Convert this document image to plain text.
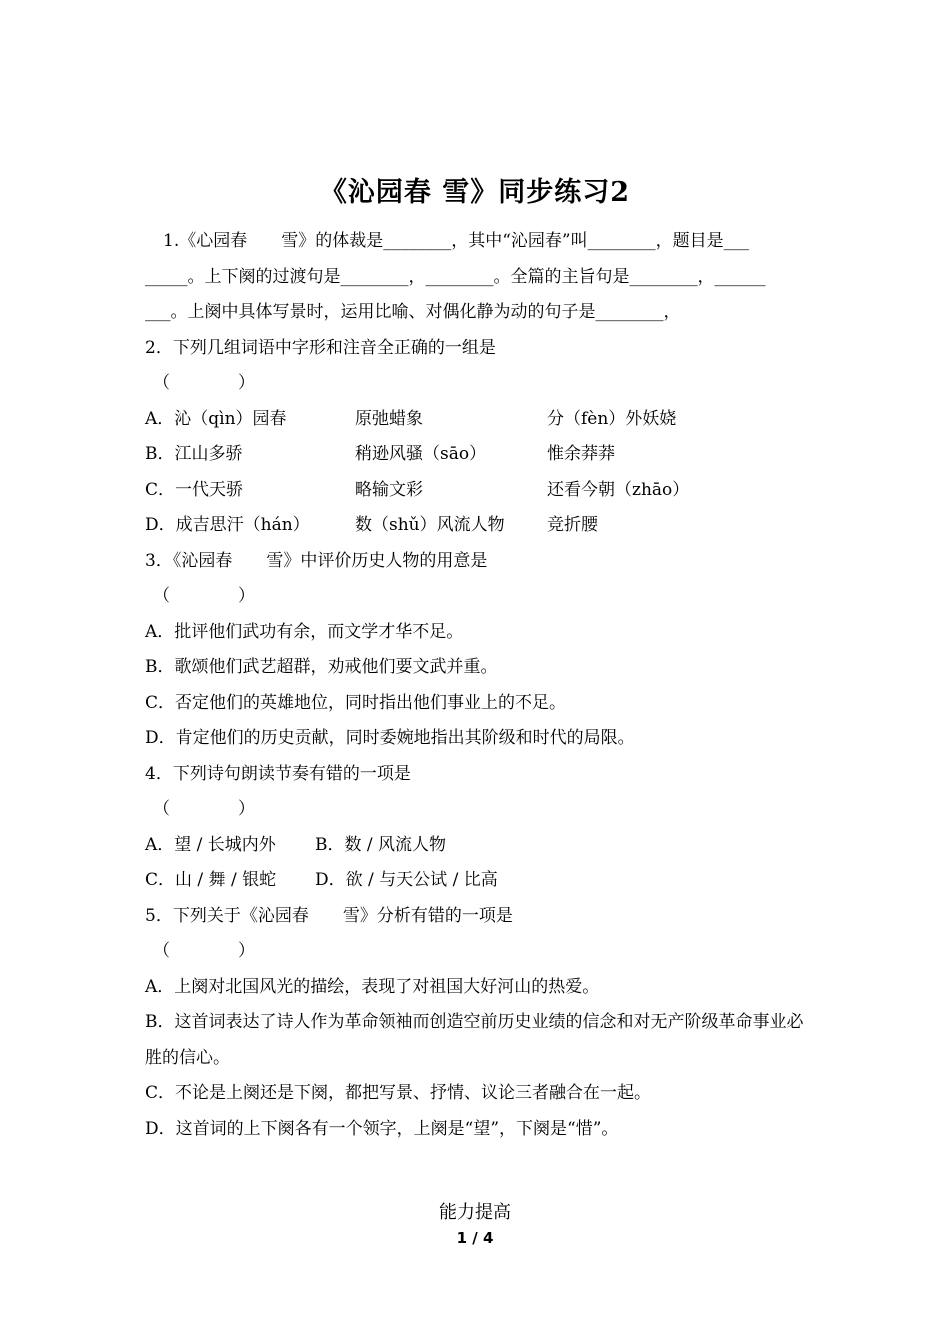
《沁园春 雪》同步练习2
1.《心园春　　雪》的体裁是________，其中“沁园春”叫________，题目是___
_____。上下阕的过渡句是________，________。全篇的主旨句是________，______
___。上阕中具体写景时，运用比喻、对偶化静为动的句子是________，
2．下列几组词语中字形和注音全正确的一组是
（　　　　）
A．沁（qìn）园春	原弛蜡象	分（fèn）外妖娆
B．江山多骄	稍逊风骚（sāo）	惟余莽莽
C．一代天骄	略输文彩	还看今朝（zhāo）
D．成吉思汗（hán）	数（shǔ）风流人物	竞折腰
3．《沁园春　　雪》中评价历史人物的用意是
（　　　　）
A．批评他们武功有余，而文学才华不足。
B．歌颂他们武艺超群，劝戒他们要文武并重。
C．否定他们的英雄地位，同时指出他们事业上的不足。
D．肯定他们的历史贡献，同时委婉地指出其阶级和时代的局限。
4．下列诗句朗读节奏有错的一项是
（　　　　）
A．望 / 长城内外	B．数 / 风流人物
C．山 / 舞 / 银蛇	D．欲 / 与天公试 / 比高
5．下列关于《沁园春　　雪》分析有错的一项是
（　　　　）
A．上阕对北国风光的描绘，表现了对祖国大好河山的热爱。
B．这首词表达了诗人作为革命领袖而创造空前历史业绩的信念和对无产阶级革命事业必胜的信心。
C．不论是上阕还是下阕，都把写景、抒情、议论三者融合在一起。
D．这首词的上下阕各有一个领字，上阕是“望”，下阕是“惜”。
能力提高
1 / 4
